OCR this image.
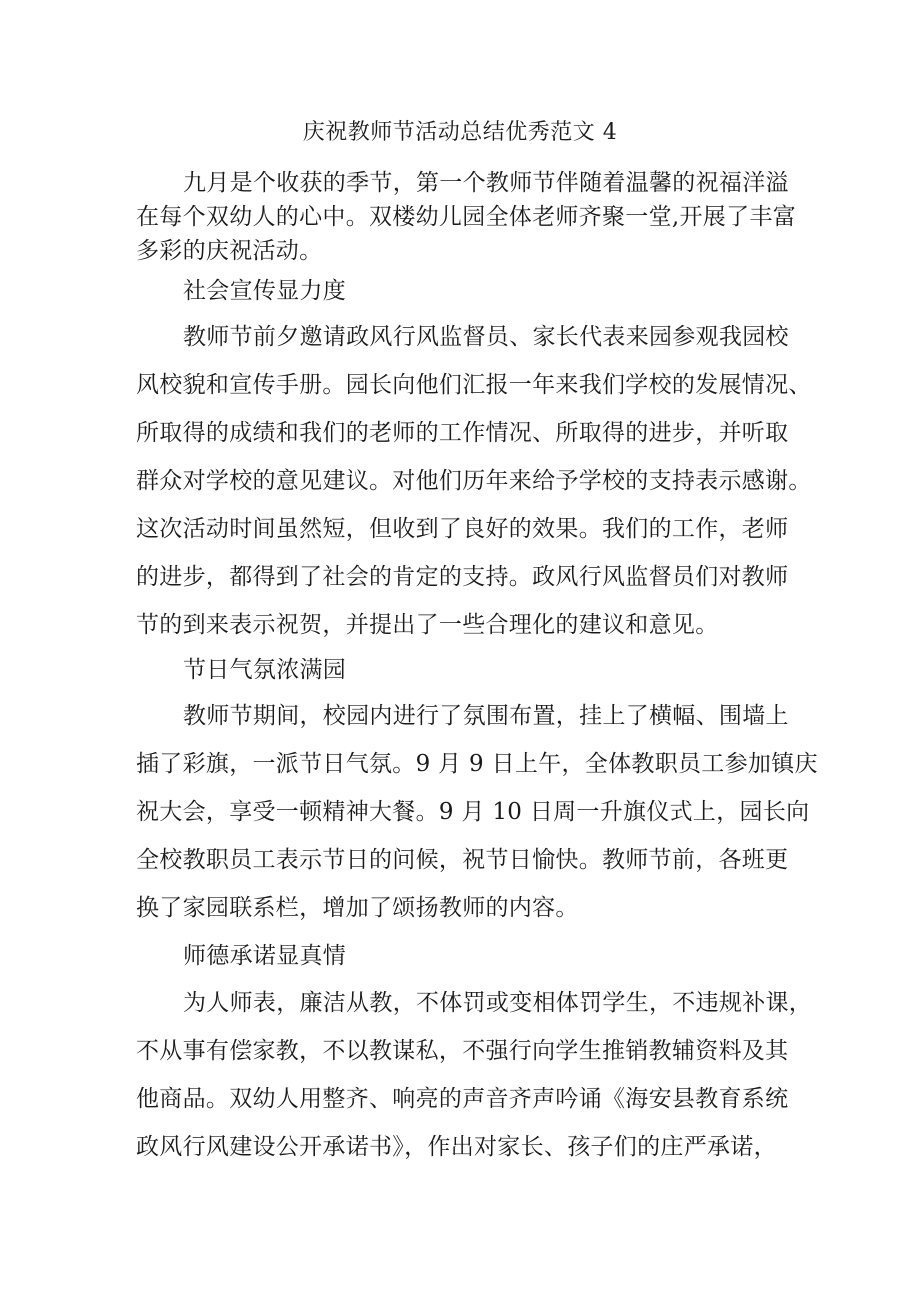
庆祝教师节活动总结优秀范文 4
九月是个收获的季节，第一个教师节伴随着温馨的祝福洋溢
在每个双幼人的心中。双楼幼儿园全体老师齐聚一堂,开展了丰富
多彩的庆祝活动。
社会宣传显力度
教师节前夕邀请政风行风监督员、家长代表来园参观我园校
风校貌和宣传手册。园长向他们汇报一年来我们学校的发展情况、
所取得的成绩和我们的老师的工作情况、所取得的进步，并听取
群众对学校的意见建议。对他们历年来给予学校的支持表示感谢。
这次活动时间虽然短，但收到了良好的效果。我们的工作，老师
的进步，都得到了社会的肯定的支持。政风行风监督员们对教师
节的到来表示祝贺，并提出了一些合理化的建议和意见。
节日气氛浓满园
教师节期间，校园内进行了氛围布置，挂上了横幅、围墙上
插了彩旗，一派节日气氛。9 月 9 日上午，全体教职员工参加镇庆
祝大会，享受一顿精神大餐。9 月 10 日周一升旗仪式上，园长向
全校教职员工表示节日的问候，祝节日愉快。教师节前，各班更
换了家园联系栏，增加了颂扬教师的内容。
师德承诺显真情
为人师表，廉洁从教，不体罚或变相体罚学生，不违规补课，
不从事有偿家教，不以教谋私，不强行向学生推销教辅资料及其
他商品。双幼人用整齐、响亮的声音齐声吟诵《海安县教育系统
政风行风建设公开承诺书》，作出对家长、孩子们的庄严承诺，
